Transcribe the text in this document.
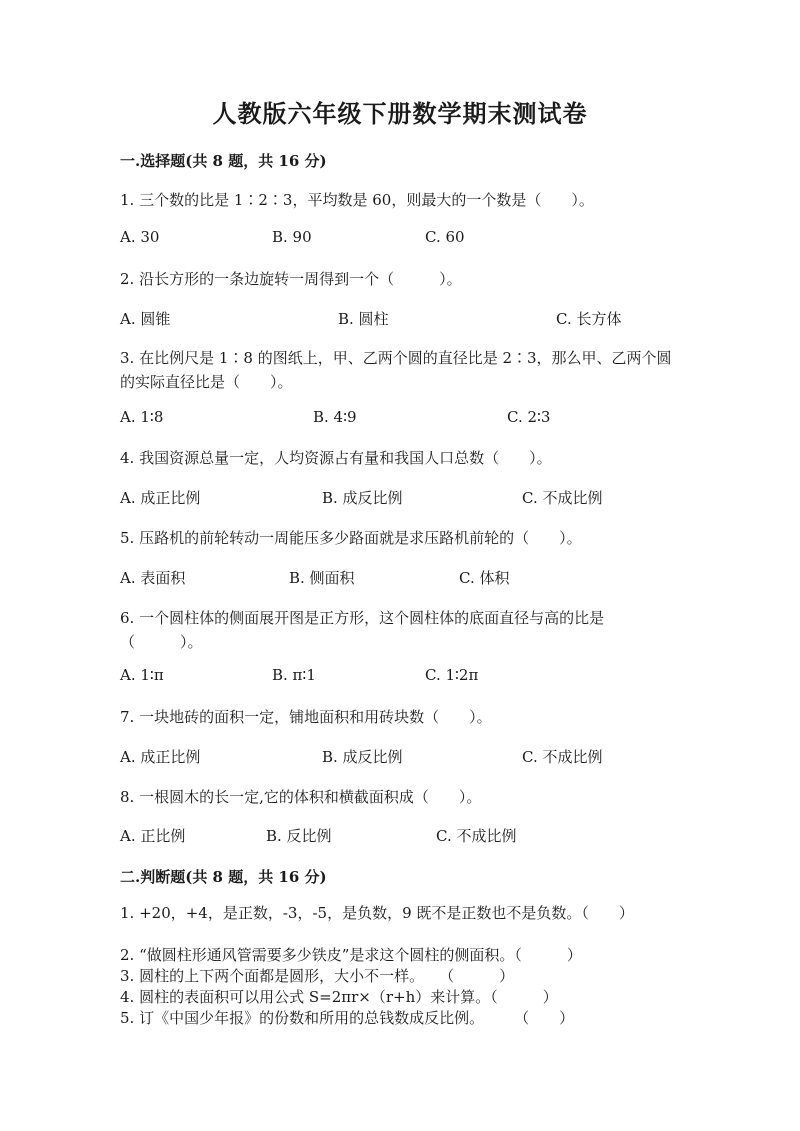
人教版六年级下册数学期末测试卷
一.选择题(共 8 题，共 16 分)
1. 三个数的比是 1∶2∶3，平均数是 60，则最大的一个数是（　　）。
A. 30	B. 90	C. 60
2. 沿长方形的一条边旋转一周得到一个（　　　）。
A. 圆锥	B. 圆柱	C. 长方体
3. 在比例尺是 1∶8 的图纸上，甲、乙两个圆的直径比是 2∶3，那么甲、乙两个圆的实际直径比是（　　）。
A. 1∶8	B. 4∶9	C. 2∶3
4. 我国资源总量一定，人均资源占有量和我国人口总数（　　）。
A. 成正比例	B. 成反比例	C. 不成比例
5. 压路机的前轮转动一周能压多少路面就是求压路机前轮的（　　）。
A. 表面积	B. 侧面积	C. 体积
6. 一个圆柱体的侧面展开图是正方形，这个圆柱体的底面直径与高的比是（　　　）。
A. 1∶π	B. π∶1	C. 1∶2π
7. 一块地砖的面积一定，铺地面积和用砖块数（　　）。
A. 成正比例	B. 成反比例	C. 不成比例
8. 一根圆木的长一定,它的体积和横截面积成（　　）。
A. 正比例	B. 反比例	C. 不成比例
二.判断题(共 8 题，共 16 分)
1. +20，+4，是正数，-3，-5，是负数，9 既不是正数也不是负数。（　　）
2. “做圆柱形通风管需要多少铁皮”是求这个圆柱的侧面积。（　　　）
3. 圆柱的上下两个面都是圆形，大小不一样。　　（　　　）
4. 圆柱的表面积可以用公式 S=2πr×（r+h）来计算。（　　　）
5. 订《中国少年报》的份数和所用的总钱数成反比例。　　　（　　）
